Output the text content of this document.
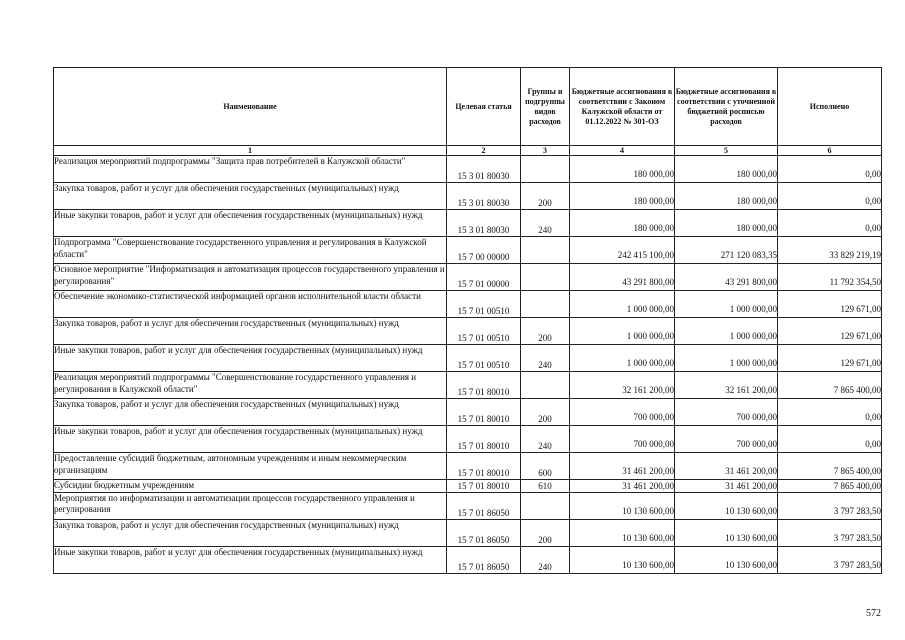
Наименование	Целевая статья	Группы и подгруппы видов расходов	Бюджетные ассигнования в соответствии с Законом Калужской области от 01.12.2022 № 301-ОЗ	Бюджетные ассигнования в соответствии с уточненной бюджетной росписью расходов	Исполнено
1	2	3	4	5	6
Реализация мероприятий подпрограммы "Защита прав потребителей в Калужской области"	15 3 01 80030		180 000,00	180 000,00	0,00
Закупка товаров, работ и услуг для обеспечения государственных (муниципальных) нужд	15 3 01 80030	200	180 000,00	180 000,00	0,00
Иные закупки товаров, работ и услуг для обеспечения государственных (муниципальных) нужд	15 3 01 80030	240	180 000,00	180 000,00	0,00
Подпрограмма "Совершенствование государственного управления и регулирования в Калужской области"	15 7 00 00000		242 415 100,00	271 120 083,35	33 829 219,19
Основное мероприятие "Информатизация и автоматизация процессов государственного управления и регулирования"	15 7 01 00000		43 291 800,00	43 291 800,00	11 792 354,50
Обеспечение экономико-статистической информацией органов исполнительной власти области	15 7 01 00510		1 000 000,00	1 000 000,00	129 671,00
Закупка товаров, работ и услуг для обеспечения государственных (муниципальных) нужд	15 7 01 00510	200	1 000 000,00	1 000 000,00	129 671,00
Иные закупки товаров, работ и услуг для обеспечения государственных (муниципальных) нужд	15 7 01 00510	240	1 000 000,00	1 000 000,00	129 671,00
Реализация мероприятий подпрограммы "Совершенствование государственного управления и регулирования в Калужской области"	15 7 01 80010		32 161 200,00	32 161 200,00	7 865 400,00
Закупка товаров, работ и услуг для обеспечения государственных (муниципальных) нужд	15 7 01 80010	200	700 000,00	700 000,00	0,00
Иные закупки товаров, работ и услуг для обеспечения государственных (муниципальных) нужд	15 7 01 80010	240	700 000,00	700 000,00	0,00
Предоставление субсидий бюджетным, автономным учреждениям и иным некоммерческим организациям	15 7 01 80010	600	31 461 200,00	31 461 200,00	7 865 400,00
Субсидии бюджетным учреждениям	15 7 01 80010	610	31 461 200,00	31 461 200,00	7 865 400,00
Мероприятия по информатизации и автоматизации процессов государственного управления и регулирования	15 7 01 86050		10 130 600,00	10 130 600,00	3 797 283,50
Закупка товаров, работ и услуг для обеспечения государственных (муниципальных) нужд	15 7 01 86050	200	10 130 600,00	10 130 600,00	3 797 283,50
Иные закупки товаров, работ и услуг для обеспечения государственных (муниципальных) нужд	15 7 01 86050	240	10 130 600,00	10 130 600,00	3 797 283,50
572
